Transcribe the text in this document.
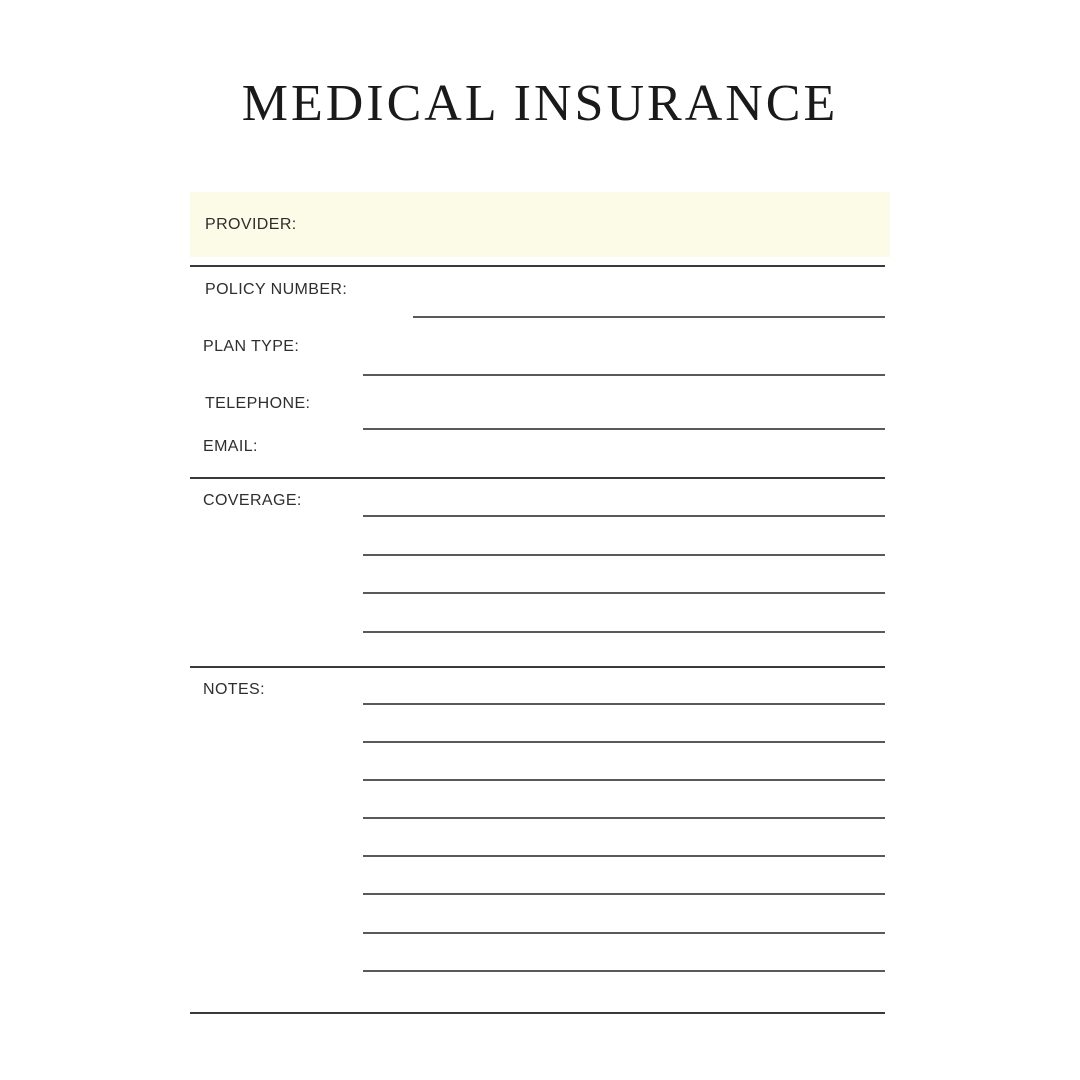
MEDICAL INSURANCE
PROVIDER:
POLICY NUMBER:
PLAN TYPE:
TELEPHONE:
EMAIL:
COVERAGE:
NOTES:
